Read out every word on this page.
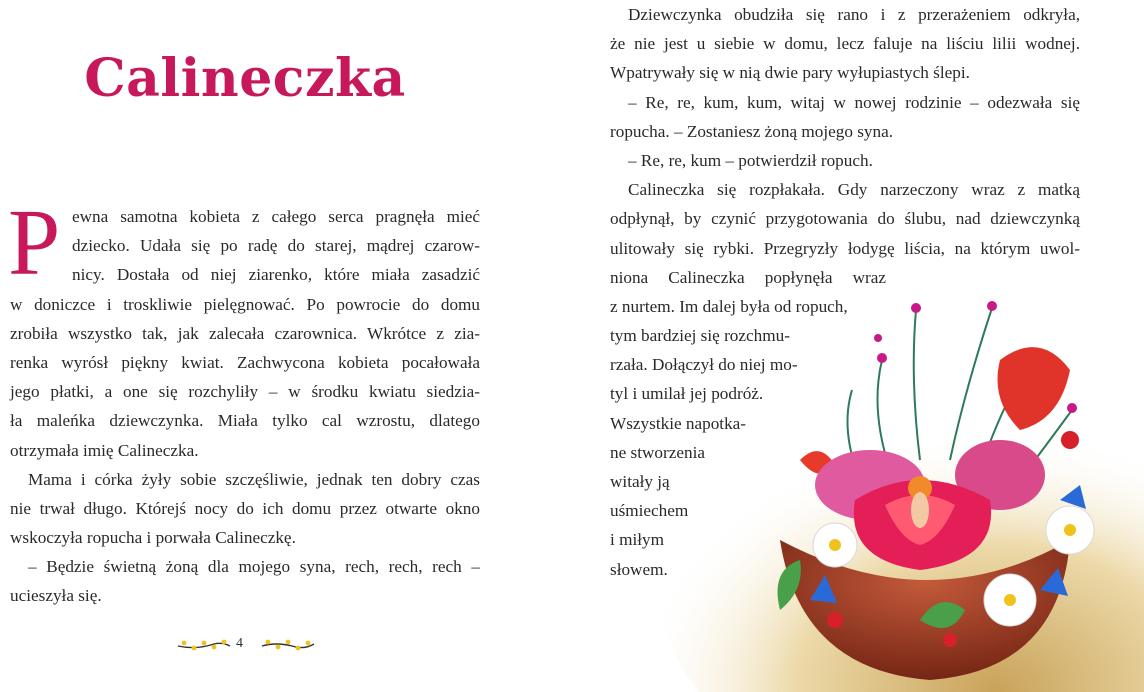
Calineczka
P ewna samotna kobieta z całego serca pragnęła mieć
dziecko. Udała się po radę do starej, mądrej czarow-
nicy. Dostała od niej ziarenko, które miała zasadzić
w doniczce i troskliwie pielęgnować. Po powrocie do domu
zrobiła wszystko tak, jak zalecała czarownica. Wkrótce z zia-
renka wyrósł piękny kwiat. Zachwycona kobieta pocałowała
jego płatki, a one się rozchyliły – w środku kwiatu siedzia-
ła maleńka dziewczynka. Miała tylko cal wzrostu, dlatego
otrzymała imię Calineczka.
Mama i córka żyły sobie szczęśliwie, jednak ten dobry czas
nie trwał długo. Którejś nocy do ich domu przez otwarte okno
wskoczyła ropucha i porwała Calineczkę.
– Będzie świetną żoną dla mojego syna, rech, rech, rech –
ucieszyła się.
4
Dziewczynka obudziła się rano i z przerażeniem odkryła,
że nie jest u siebie w domu, lecz faluje na liściu lilii wodnej.
Wpatrywały się w nią dwie pary wyłupiastych ślepi.
– Re, re, kum, kum, witaj w nowej rodzinie – odezwała się
ropucha. – Zostaniesz żoną mojego syna.
– Re, re, kum – potwierdził ropuch.
Calineczka się rozpłakała. Gdy narzeczony wraz z matką
odpłynął, by czynić przygotowania do ślubu, nad dziewczynką
ulitowały się rybki. Przegryzły łodygę liścia, na którym uwol-
niona Calineczka popłynęła wraz
z nurtem. Im dalej była od ropuch,
tym bardziej się rozchmu-
rzała. Dołączył do niej mo-
tyl i umilał jej podróż.
Wszystkie napotka-
ne stworzenia
witały ją
uśmiechem
i miłym
słowem.
